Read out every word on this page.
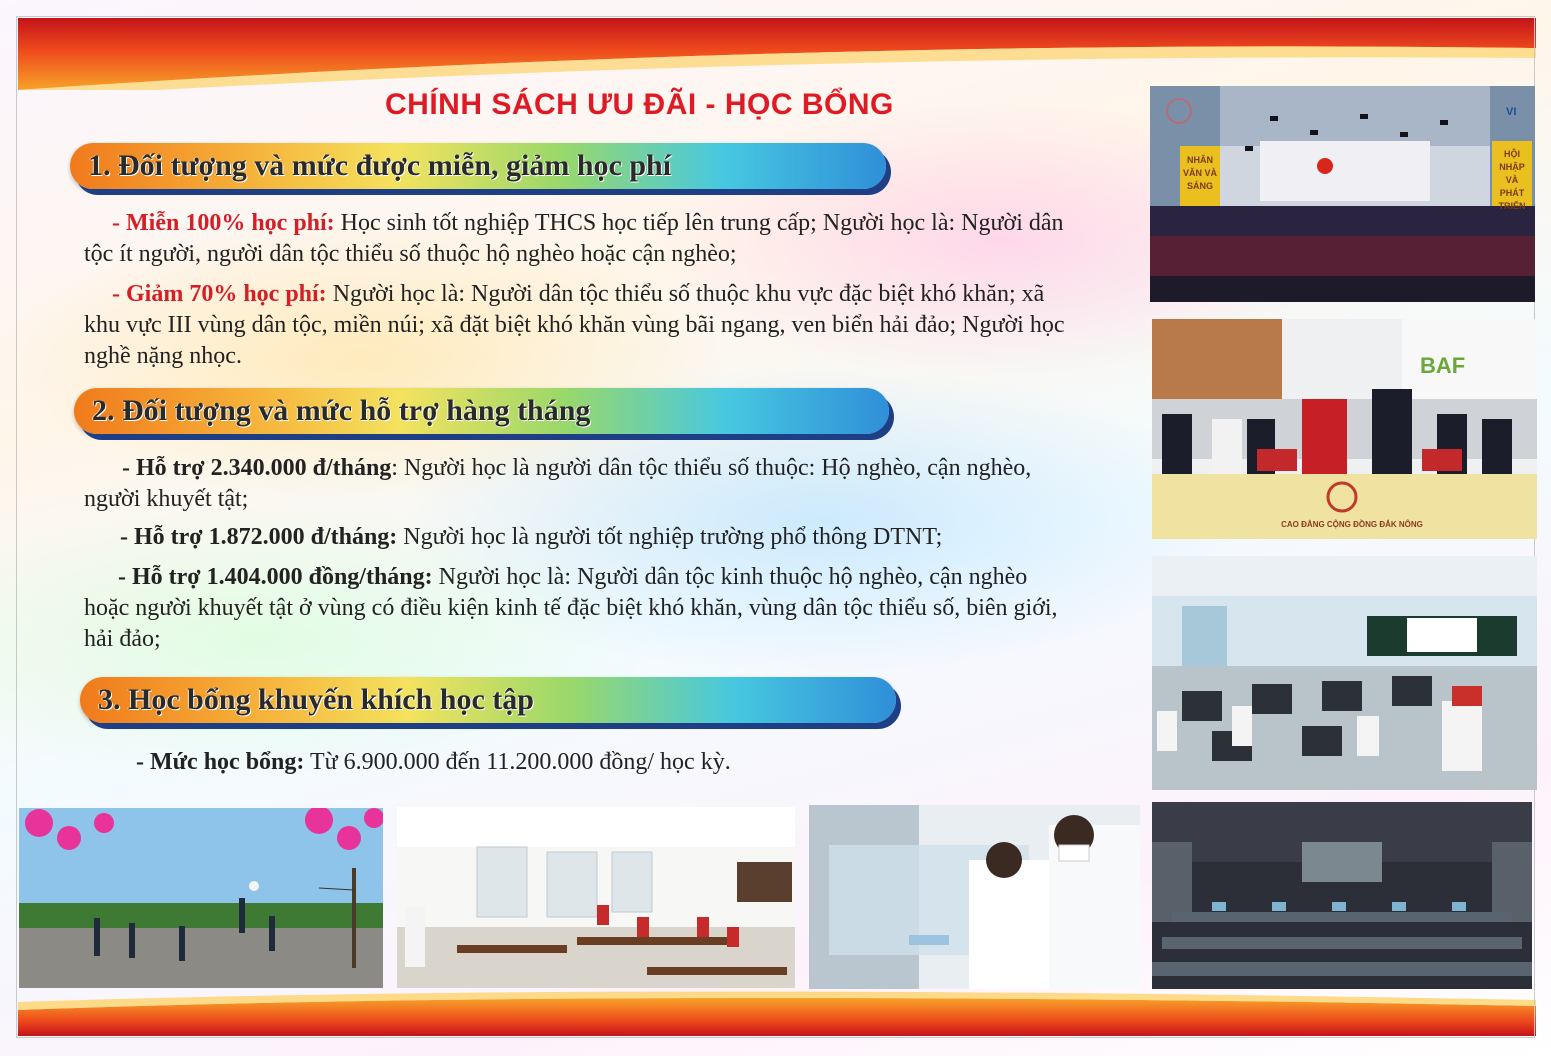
CHÍNH SÁCH ƯU ĐÃI - HỌC BỔNG
1. Đối tượng và mức được miễn, giảm học phí

- Miễn 100% học phí: Học sinh tốt nghiệp THCS học tiếp lên trung cấp; Người học là: Người dân tộc ít người, người dân tộc thiểu số thuộc hộ nghèo hoặc cận nghèo;

- Giảm 70% học phí: Người học là: Người dân tộc thiểu số thuộc khu vực đặc biệt khó khăn; xã khu vực III vùng dân tộc, miền núi; xã đặt biệt khó khăn vùng bãi ngang, ven biển hải đảo; Người học nghề nặng nhọc.

2. Đối tượng và mức hỗ trợ hàng tháng

- Hỗ trợ 2.340.000 đ/tháng: Người học là người dân tộc thiểu số thuộc: Hộ nghèo, cận nghèo, người khuyết tật;

- Hỗ trợ 1.872.000 đ/tháng: Người học là người tốt nghiệp trường phổ thông DTNT;

- Hỗ trợ 1.404.000 đồng/tháng: Người học là: Người dân tộc kinh thuộc hộ nghèo, cận nghèo hoặc người khuyết tật ở vùng có điều kiện kinh tế đặc biệt khó khăn, vùng dân tộc thiểu số, biên giới, hải đảo;

3. Học bổng khuyến khích học tập

- Mức học bổng: Từ 6.900.000 đến 11.200.000 đồng/ học kỳ.

NHÂN VĂN VÀ SÁNG
HỘI NHẬP VÀ PHÁT TRIỂN
VI
BAF
CAO ĐẲNG CỘNG ĐỒNG ĐẮK NÔNG
